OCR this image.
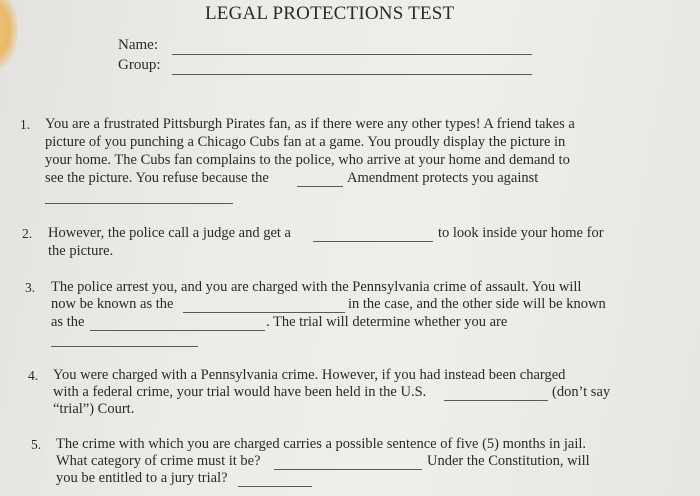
LEGAL PROTECTIONS TEST
Name:
Group:
1. You are a frustrated Pittsburgh Pirates fan, as if there were any other types! A friend takes a
picture of you punching a Chicago Cubs fan at a game. You proudly display the picture in
your home. The Cubs fan complains to the police, who arrive at your home and demand to
see the picture. You refuse because the	Amendment protects you against
2. However, the police call a judge and get a	to look inside your home for
the picture.
3. The police arrest you, and you are charged with the Pennsylvania crime of assault. You will
now be known as the	in the case, and the other side will be known
as the	. The trial will determine whether you are
4. You were charged with a Pennsylvania crime. However, if you had instead been charged
with a federal crime, your trial would have been held in the U.S.	(don’t say
“trial”) Court.
5. The crime with which you are charged carries a possible sentence of five (5) months in jail.
What category of crime must it be?	Under the Constitution, will
you be entitled to a jury trial?
